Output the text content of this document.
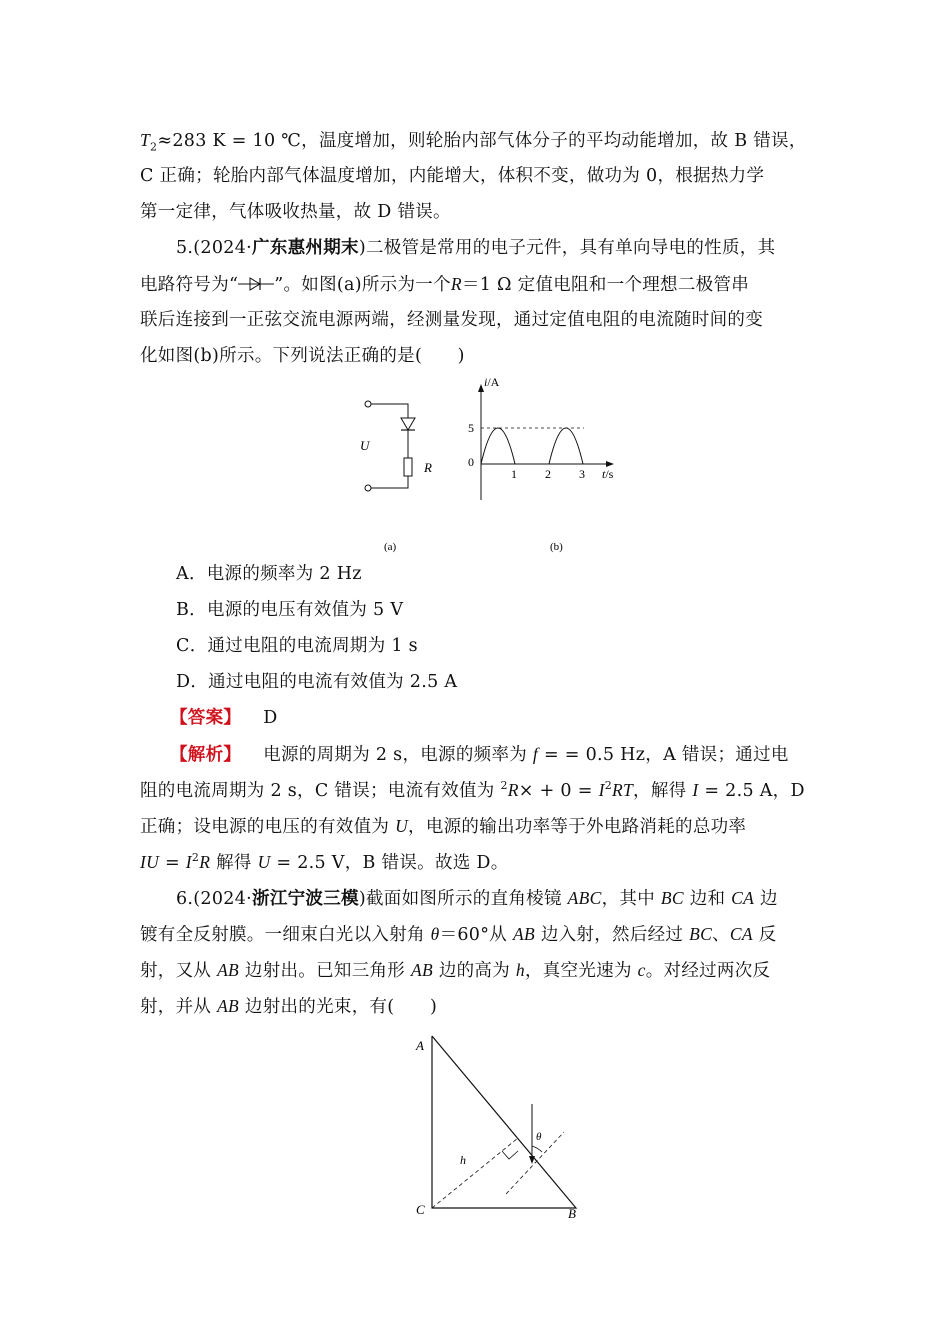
$T_2\approx 283$ K = 10 ℃，温度增加，则轮胎内部气体分子的平均动能增加，故 B 错误，
C 正确；轮胎内部气体温度增加，内能增大，体积不变，做功为 0，根据热力学
第一定律，气体吸收热量，故 D 错误。
5.(2024·广东惠州期末)二极管是常用的电子元件，具有单向导电的性质，其
电路符号为“ ”。如图(a)所示为一个R＝1 Ω 定值电阻和一个理想二极管串
联后连接到一正弦交流电源两端，经测量发现，通过定值电阻的电流随时间的变
化如图(b)所示。下列说法正确的是(　　)
U
R
(a)
i/A
5
0
1 2 3 t/s
(b)
A．电源的频率为 2 Hz
B．电源的电压有效值为 5 V
C．通过电阻的电流周期为 1 s
D．通过电阻的电流有效值为 2.5 A
【答案】 D
【解析】 电源的周期为 2 s，电源的频率为 f = = 0.5 Hz，A 错误；通过电
阻的电流周期为 2 s，C 错误；电流有效值为 $^2R\times + 0 = I^2RT$，解得 I = 2.5 A，D
正确；设电源的电压的有效值为 U，电源的输出功率等于外电路消耗的总功率
IU = $I^2R$ 解得 U = 2.5 V，B 错误。故选 D。
6.(2024·浙江宁波三模)截面如图所示的直角棱镜 ABC，其中 BC 边和 CA 边
镀有全反射膜。一细束白光以入射角 θ＝60°从 AB 边入射，然后经过 BC、CA 反
射，又从 AB 边射出。已知三角形 AB 边的高为 h，真空光速为 c。对经过两次反
射，并从 AB 边射出的光束，有(　　)
A
C	B
h
θ
